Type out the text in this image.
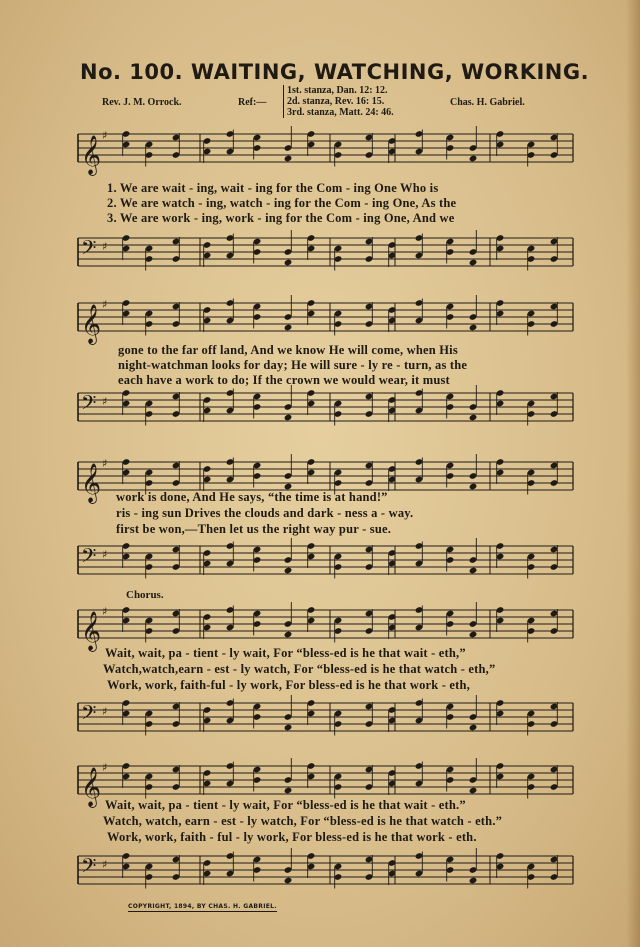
No. 100. WAITING, WATCHING, WORKING.
Rev. J. M. Orrock.	Ref:—
1st. stanza, Dan. 12: 12.
2d. stanza, Rev. 16: 15.
3rd. stanza, Matt. 24: 46.
Chas. H. Gabriel.
𝄞 ♯
1. We are wait - ing, wait - ing for the Com - ing One Who is
2. We are watch - ing, watch - ing for the Com - ing One, As the
3. We are work - ing, work - ing for the Com - ing One, And we
𝄢 ♯
𝄞 ♯
gone to the far off land, And we know He will come, when His
night-watchman looks for day; He will sure - ly re - turn, as the
each have a work to do; If the crown we would wear, it must
𝄢 ♯
𝄞 ♯
work is done, And He says, “the time is at hand!”
ris - ing sun Drives the clouds and dark - ness a - way.
first be won,—Then let us the right way pur - sue.
𝄢 ♯
Chorus.
𝄞 ♯
Wait, wait, pa - tient - ly wait, For “bless-ed is he that wait - eth,”
Watch,watch,earn - est - ly watch, For “bless-ed is he that watch - eth,”
Work, work, faith-ful - ly work, For bless-ed is he that work - eth,
𝄢 ♯
𝄞 ♯
Wait, wait, pa - tient - ly wait, For “bless-ed is he that wait - eth.”
Watch, watch, earn - est - ly watch, For “bless-ed is he that watch - eth.”
Work, work, faith - ful - ly work, For bless-ed is he that work - eth.
𝄢 ♯
COPYRIGHT, 1894, BY CHAS. H. GABRIEL.
